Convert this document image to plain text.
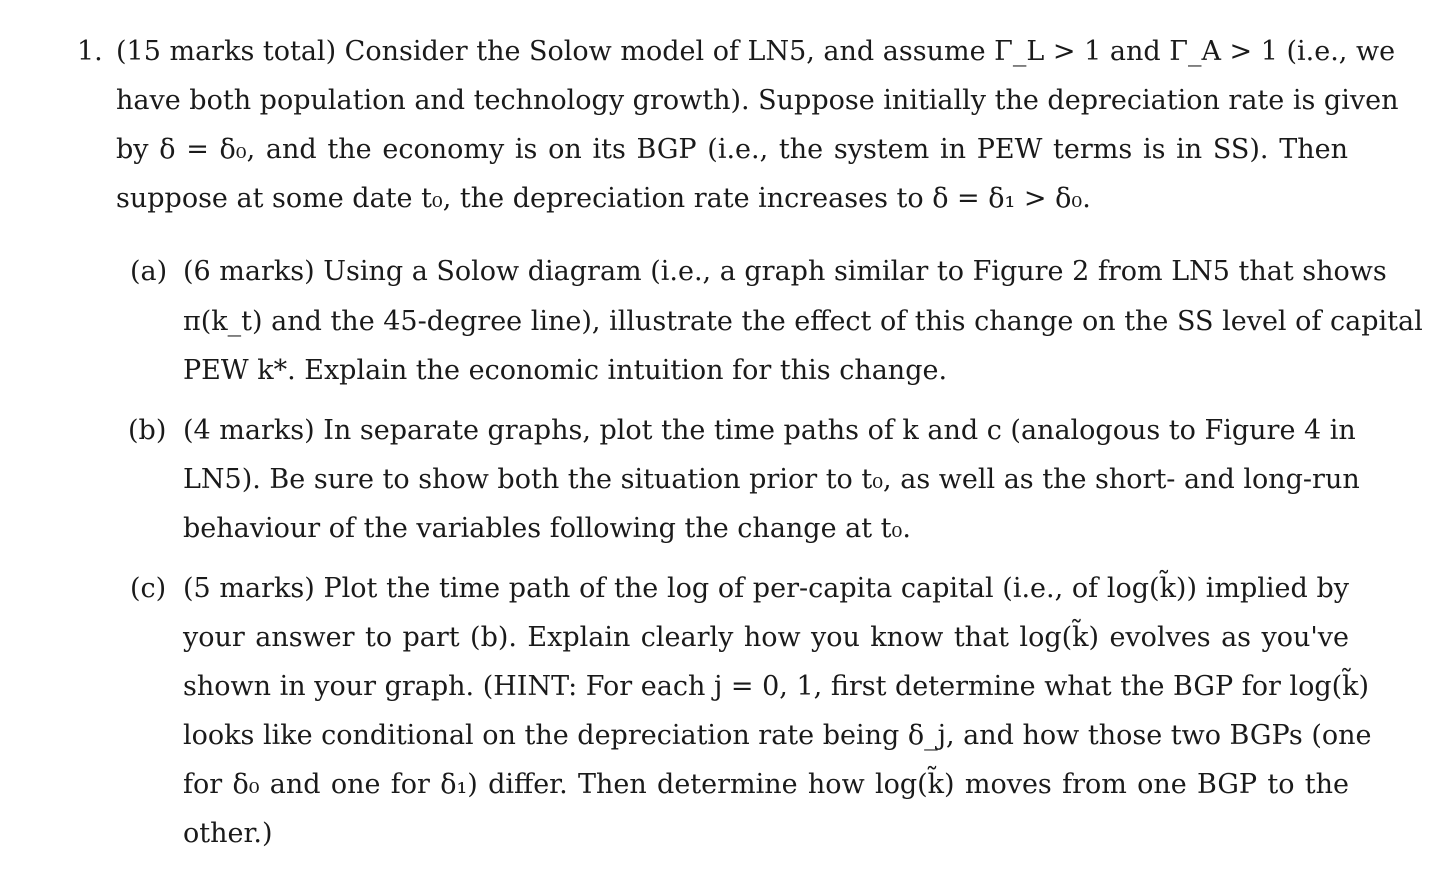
1. (15 marks total) Consider the Solow model of LN5, and assume Γ_L > 1 and Γ_A > 1 (i.e., we
have both population and technology growth). Suppose initially the depreciation rate is given
by δ = δ₀, and the economy is on its BGP (i.e., the system in PEW terms is in SS). Then
suppose at some date t₀, the depreciation rate increases to δ = δ₁ > δ₀.
(a) (6 marks) Using a Solow diagram (i.e., a graph similar to Figure 2 from LN5 that shows
π(k_t) and the 45-degree line), illustrate the effect of this change on the SS level of capital
PEW k*. Explain the economic intuition for this change.
(b) (4 marks) In separate graphs, plot the time paths of k and c (analogous to Figure 4 in
LN5). Be sure to show both the situation prior to t₀, as well as the short- and long-run
behaviour of the variables following the change at t₀.
(c) (5 marks) Plot the time path of the log of per-capita capital (i.e., of log(k̃)) implied by
your answer to part (b). Explain clearly how you know that log(k̃) evolves as you've
shown in your graph. (HINT: For each j = 0, 1, first determine what the BGP for log(k̃)
looks like conditional on the depreciation rate being δ_j, and how those two BGPs (one
for δ₀ and one for δ₁) differ. Then determine how log(k̃) moves from one BGP to the
other.)
